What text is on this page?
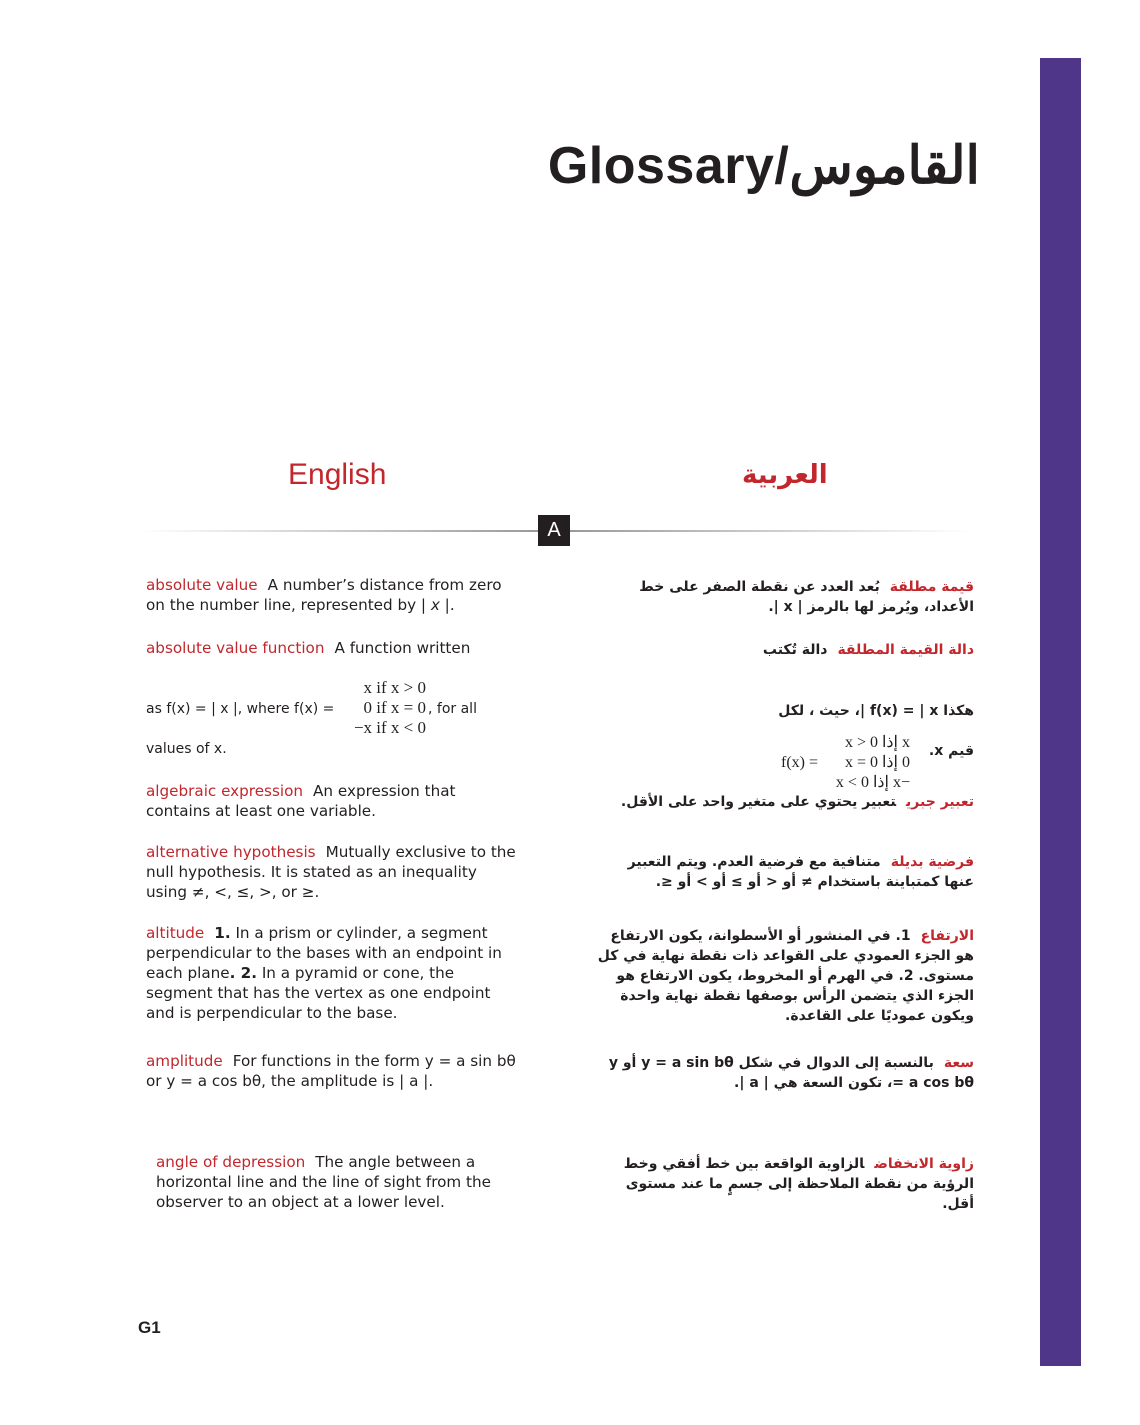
Glossary/القاموس
English	العربية
A
absolute value A number’s distance from zero on the number line, represented by | x |.
absolute value function A function written
x if x > 0
0 if x = 0
−x if x < 0
as f(x) = | x |, where f(x) =	, for all
values of x.
algebraic expression An expression that contains at least one variable.
alternative hypothesis Mutually exclusive to the null hypothesis. It is stated as an inequality using ≠, <, ≤, >, or ≥.
altitude 1. In a prism or cylinder, a segment perpendicular to the bases with an endpoint in each plane. 2. In a pyramid or cone, the segment that has the vertex as one endpoint and is perpendicular to the base.
amplitude For functions in the form y = a sin bθ or y = a cos bθ, the amplitude is | a |.
angle of depression The angle between a horizontal line and the line of sight from the observer to an object at a lower level.
قيمة مطلقةبُعد العدد عن نقطة الصفر على خط الأعداد، ويُرمز لها بالرمز | x |.
دالة القيمة المطلقةدالة تُكتب
هكذا f(x) = | x |، حيث ، لكل
قيم x.
x إذا x > 0
0 إذا x = 0
−x إذا x < 0
f(x) =
تعبير جبريتعبير يحتوي على متغير واحد على الأقل.
فرضية بديلةمتنافية مع فرضية العدم. ويتم التعبير عنها كمتباينة باستخدام ≠ أو < أو ≥ أو > أو ≤.
الارتفاع1. في المنشور أو الأسطوانة، يكون الارتفاع هو الجزء العمودي على القواعد ذات نقطة نهاية في كل مستوى. 2. في الهرم أو المخروط، يكون الارتفاع هو الجزء الذي يتضمن الرأس بوصفها نقطة نهاية واحدة ويكون عموديًا على القاعدة.
سعةبالنسبة إلى الدوال في شكل y = a sin bθ أو y = a cos bθ، تكون السعة هي | a |.
زاوية الانخفاضالزاوية الواقعة بين خط أفقي وخط الرؤية من نقطة الملاحظة إلى جسمٍ ما عند مستوى أقل.
G1
